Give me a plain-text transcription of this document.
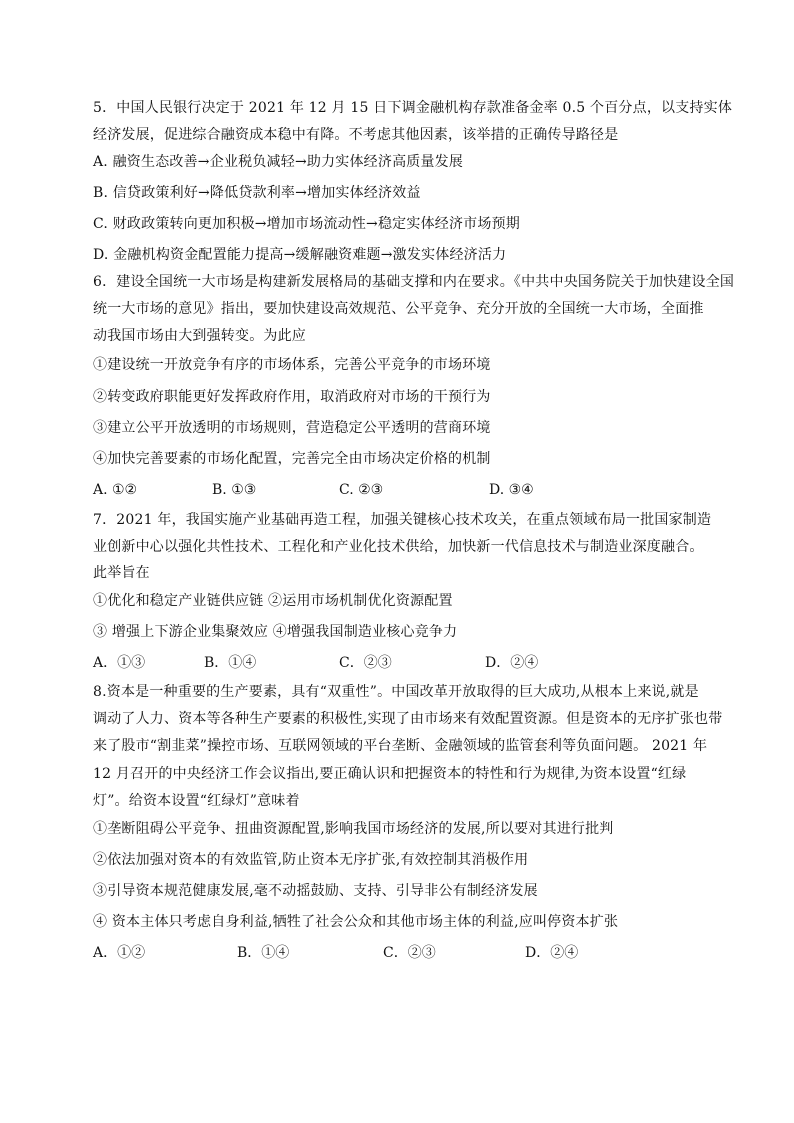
5．中国人民银行决定于 2021 年 12 月 15 日下调金融机构存款准备金率 0.5 个百分点，以支持实体
经济发展，促进综合融资成本稳中有降。不考虑其他因素，该举措的正确传导路径是
A. 融资生态改善→企业税负减轻→助力实体经济高质量发展
B. 信贷政策利好→降低贷款利率→增加实体经济效益
C. 财政政策转向更加积极→增加市场流动性→稳定实体经济市场预期
D. 金融机构资金配置能力提高→缓解融资难题→激发实体经济活力
6．建设全国统一大市场是构建新发展格局的基础支撑和内在要求。《中共中央国务院关于加快建设全国
统一大市场的意见》指出，要加快建设高效规范、公平竞争、充分开放的全国统一大市场，全面推
动我国市场由大到强转变。为此应
①建设统一开放竞争有序的市场体系，完善公平竞争的市场环境
②转变政府职能更好发挥政府作用，取消政府对市场的干预行为
③建立公平开放透明的市场规则，营造稳定公平透明的营商环境
④加快完善要素的市场化配置，完善完全由市场决定价格的机制
A. ①②	B. ①③	C. ②③	D. ③④
7．2021 年，我国实施产业基础再造工程，加强关键核心技术攻关，在重点领域布局一批国家制造
业创新中心以强化共性技术、工程化和产业化技术供给，加快新一代信息技术与制造业深度融合。
此举旨在
①优化和稳定产业链供应链 ②运用市场机制优化资源配置
③ 增强上下游企业集聚效应 ④增强我国制造业核心竞争力
A．①③	B．①④	C．②③	D．②④
8.资本是一种重要的生产要素，具有“双重性”。中国改革开放取得的巨大成功,从根本上来说,就是
调动了人力、资本等各种生产要素的积极性,实现了由市场来有效配置资源。但是资本的无序扩张也带
来了股市“割韭菜”操控市场、互联网领域的平台垄断、金融领域的监管套利等负面问题。 2021 年
12 月召开的中央经济工作会议指出,要正确认识和把握资本的特性和行为规律,为资本设置“红绿
灯”。给资本设置“红绿灯”意味着
①垄断阻碍公平竞争、扭曲资源配置,影响我国市场经济的发展,所以要对其进行批判
②依法加强对资本的有效监管,防止资本无序扩张,有效控制其消极作用
③引导资本规范健康发展,毫不动摇鼓励、支持、引导非公有制经济发展
④ 资本主体只考虑自身利益,牺牲了社会公众和其他市场主体的利益,应叫停资本扩张
A．①②	B．①④	C．②③	D．②④
